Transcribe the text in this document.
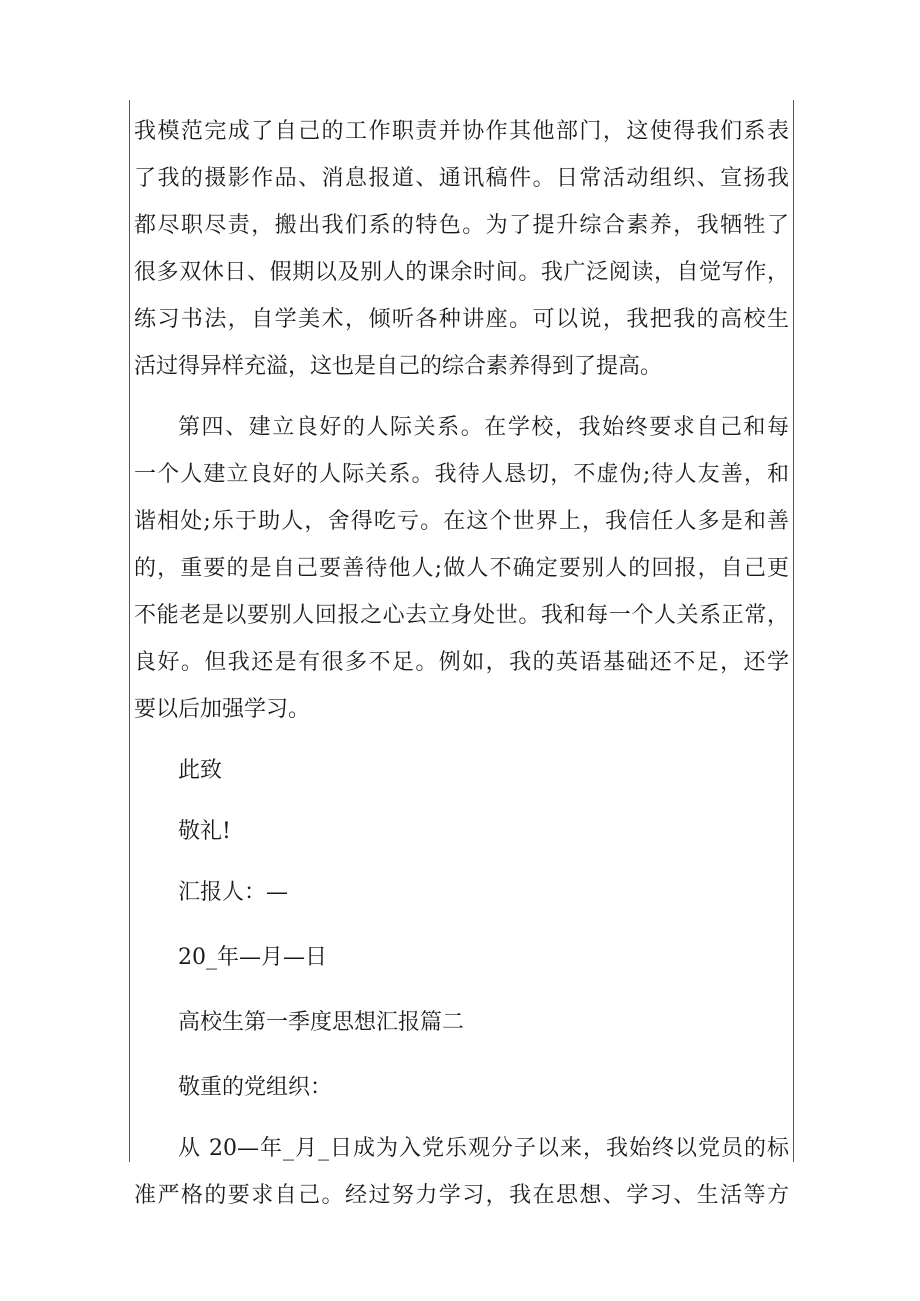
我模范完成了自己的工作职责并协作其他部门，这使得我们系表
了我的摄影作品、消息报道、通讯稿件。日常活动组织、宣扬我
都尽职尽责，搬出我们系的特色。为了提升综合素养，我牺牲了
很多双休日、假期以及别人的课余时间。我广泛阅读，自觉写作，
练习书法，自学美术，倾听各种讲座。可以说，我把我的高校生
活过得异样充溢，这也是自己的综合素养得到了提高。
第四、建立良好的人际关系。在学校，我始终要求自己和每
一个人建立良好的人际关系。我待人恳切，不虚伪;待人友善，和
谐相处;乐于助人，舍得吃亏。在这个世界上，我信任人多是和善
的，重要的是自己要善待他人;做人不确定要别人的回报，自己更
不能老是以要别人回报之心去立身处世。我和每一个人关系正常，
良好。但我还是有很多不足。例如，我的英语基础还不足，还学
要以后加强学习。
此致
敬礼!
汇报人：—
20_年—月—日
高校生第一季度思想汇报篇二
敬重的党组织：
从 20—年_月_日成为入党乐观分子以来，我始终以党员的标
准严格的要求自己。经过努力学习，我在思想、学习、生活等方
